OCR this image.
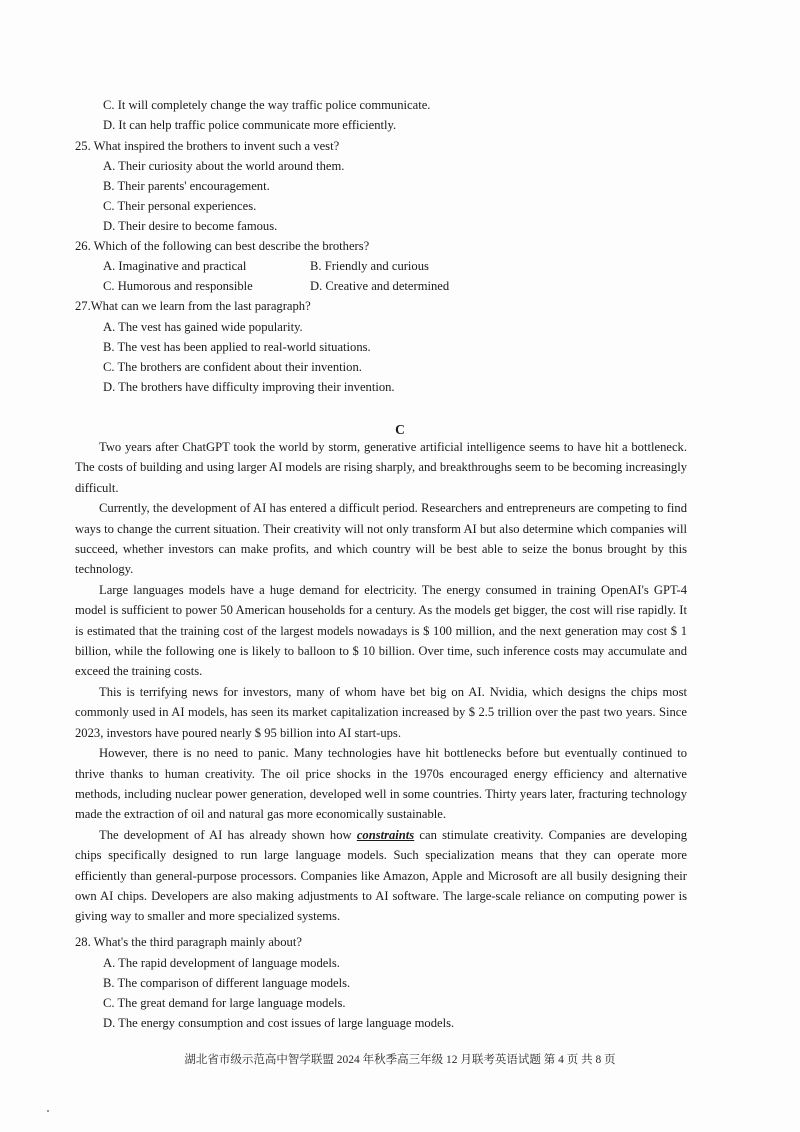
C. It will completely change the way traffic police communicate.
D. It can help traffic police communicate more efficiently.
25. What inspired the brothers to invent such a vest?
A. Their curiosity about the world around them.
B. Their parents' encouragement.
C. Their personal experiences.
D. Their desire to become famous.
26. Which of the following can best describe the brothers?
A. Imaginative and practical	B. Friendly and curious
C. Humorous and responsible	D. Creative and determined
27.What can we learn from the last paragraph?
A. The vest has gained wide popularity.
B. The vest has been applied to real-world situations.
C. The brothers are confident about their invention.
D. The brothers have difficulty improving their invention.
C

Two years after ChatGPT took the world by storm, generative artificial intelligence seems to have hit a bottleneck. The costs of building and using larger AI models are rising sharply, and breakthroughs seem to be becoming increasingly difficult.

Currently, the development of AI has entered a difficult period. Researchers and entrepreneurs are competing to find ways to change the current situation. Their creativity will not only transform AI but also determine which companies will succeed, whether investors can make profits, and which country will be best able to seize the bonus brought by this technology.

Large languages models have a huge demand for electricity. The energy consumed in training OpenAI's GPT-4 model is sufficient to power 50 American households for a century. As the models get bigger, the cost will rise rapidly. It is estimated that the training cost of the largest models nowadays is $ 100 million, and the next generation may cost $ 1 billion, while the following one is likely to balloon to $ 10 billion. Over time, such inference costs may accumulate and exceed the training costs.

This is terrifying news for investors, many of whom have bet big on AI. Nvidia, which designs the chips most commonly used in AI models, has seen its market capitalization increased by $ 2.5 trillion over the past two years. Since 2023, investors have poured nearly $ 95 billion into AI start-ups.

However, there is no need to panic. Many technologies have hit bottlenecks before but eventually continued to thrive thanks to human creativity. The oil price shocks in the 1970s encouraged energy efficiency and alternative methods, including nuclear power generation, developed well in some countries. Thirty years later, fracturing technology made the extraction of oil and natural gas more economically sustainable.

The development of AI has already shown how constraints can stimulate creativity. Companies are developing chips specifically designed to run large language models. Such specialization means that they can operate more efficiently than general-purpose processors. Companies like Amazon, Apple and Microsoft are all busily designing their own AI chips. Developers are also making adjustments to AI software. The large-scale reliance on computing power is giving way to smaller and more specialized systems.

28. What's the third paragraph mainly about?
A. The rapid development of language models.
B. The comparison of different language models.
C. The great demand for large language models.
D. The energy consumption and cost issues of large language models.
湖北省市级示范高中智学联盟 2024 年秋季高三年级 12 月联考英语试题 第 4 页 共 8 页
